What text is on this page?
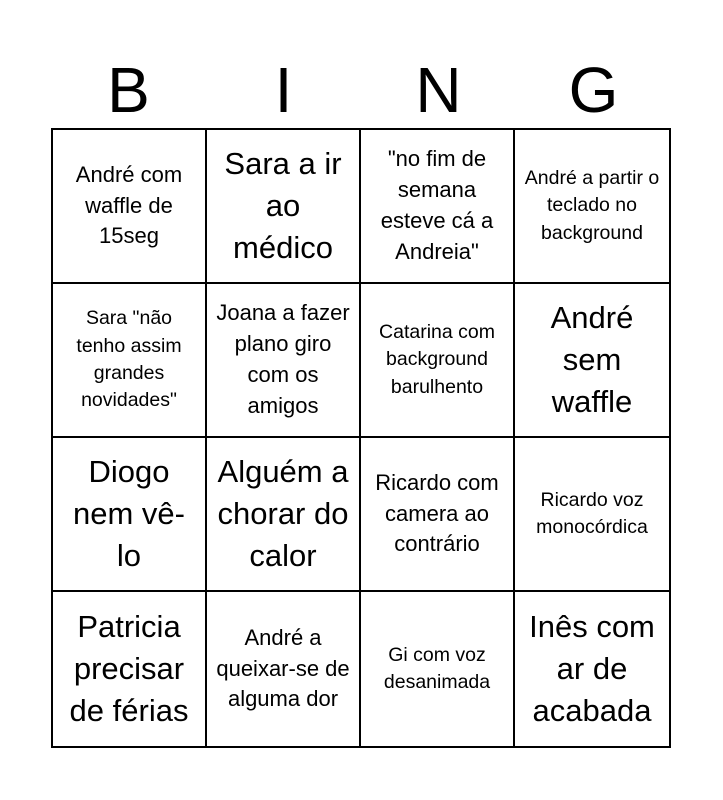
B	I	N	G
André com waffle de 15seg
Sara a ir ao médico
"no fim de semana esteve cá a Andreia"
André a partir o teclado no background
Sara "não tenho assim grandes novidades"
Joana a fazer plano giro com os amigos
Catarina com background barulhento
André sem waffle
Diogo nem vê-lo
Alguém a chorar do calor
Ricardo com camera ao contrário
Ricardo voz monocórdica
Patricia precisar de férias
André a queixar-se de alguma dor
Gi com voz desanimada
Inês com ar de acabada
